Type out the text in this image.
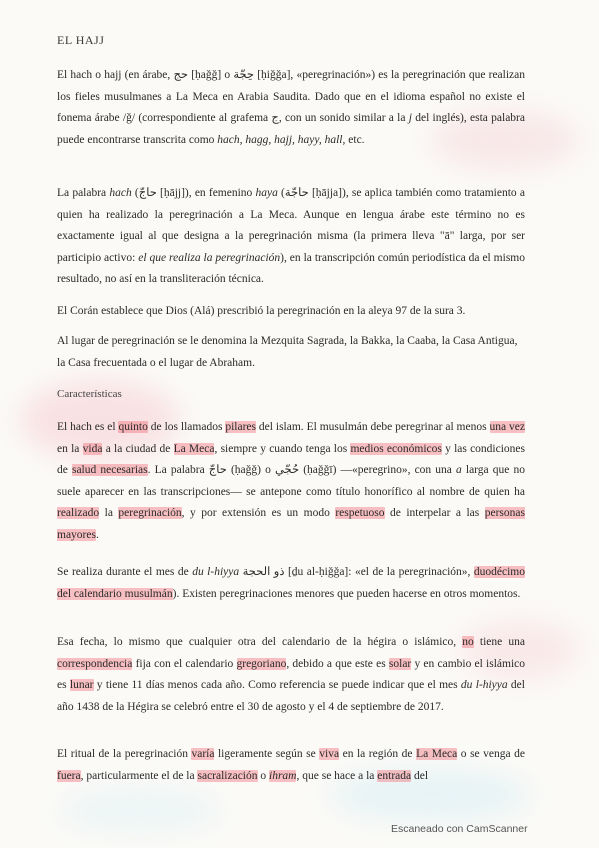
EL HAJJ

El hach o hajj (en árabe, حج [ḥaǧǧ] o حِجّة [ḥiǧǧa], «peregrinación») es la peregrinación que realizan los fieles musulmanes a La Meca en Arabia Saudita. Dado que en el idioma español no existe el fonema árabe /ǧ/ (correspondiente al grafema ج, con un sonido similar a la j del inglés), esta palabra puede encontrarse transcrita como hach, hagg, hajj, hayy, hall, etc.

La palabra hach (حاجّ [ḥājj]), en femenino haya (حاجّة [ḥājja]), se aplica también como tratamiento a quien ha realizado la peregrinación a La Meca. Aunque en lengua árabe este término no es exactamente igual al que designa a la peregrinación misma (la primera lleva "ā" larga, por ser participio activo: el que realiza la peregrinación), en la transcripción común periodística da el mismo resultado, no así en la transliteración técnica.

El Corán establece que Dios (Alá) prescribió la peregrinación en la aleya 97 de la sura 3.

Al lugar de peregrinación se le denomina la Mezquita Sagrada, la Bakka, la Caaba, la Casa Antigua, la Casa frecuentada o el lugar de Abraham.

Características

El hach es el quinto de los llamados pilares del islam. El musulmán debe peregrinar al menos una vez en la vida a la ciudad de La Meca, siempre y cuando tenga los medios económicos y las condiciones de salud necesarias. La palabra حاجّ (ḥaǧǧ) o حُجّي (ḥaǧǧī) —«peregrino», con una a larga que no suele aparecer en las transcripciones— se antepone como título honorífico al nombre de quien ha realizado la peregrinación, y por extensión es un modo respetuoso de interpelar a las personas mayores.

Se realiza durante el mes de du l-hiyya ذو الحجة [ḏu al-ḥiǧǧa]: «el de la peregrinación», duodécimo del calendario musulmán). Existen peregrinaciones menores que pueden hacerse en otros momentos.

Esa fecha, lo mismo que cualquier otra del calendario de la hégira o islámico, no tiene una correspondencia fija con el calendario gregoriano, debido a que este es solar y en cambio el islámico es lunar y tiene 11 días menos cada año. Como referencia se puede indicar que el mes du l-hiyya del año 1438 de la Hégira se celebró entre el 30 de agosto y el 4 de septiembre de 2017.

El ritual de la peregrinación varía ligeramente según se viva en la región de La Meca o se venga de fuera, particularmente el de la sacralización o ihram, que se hace a la entrada del

Escaneado con CamScanner
